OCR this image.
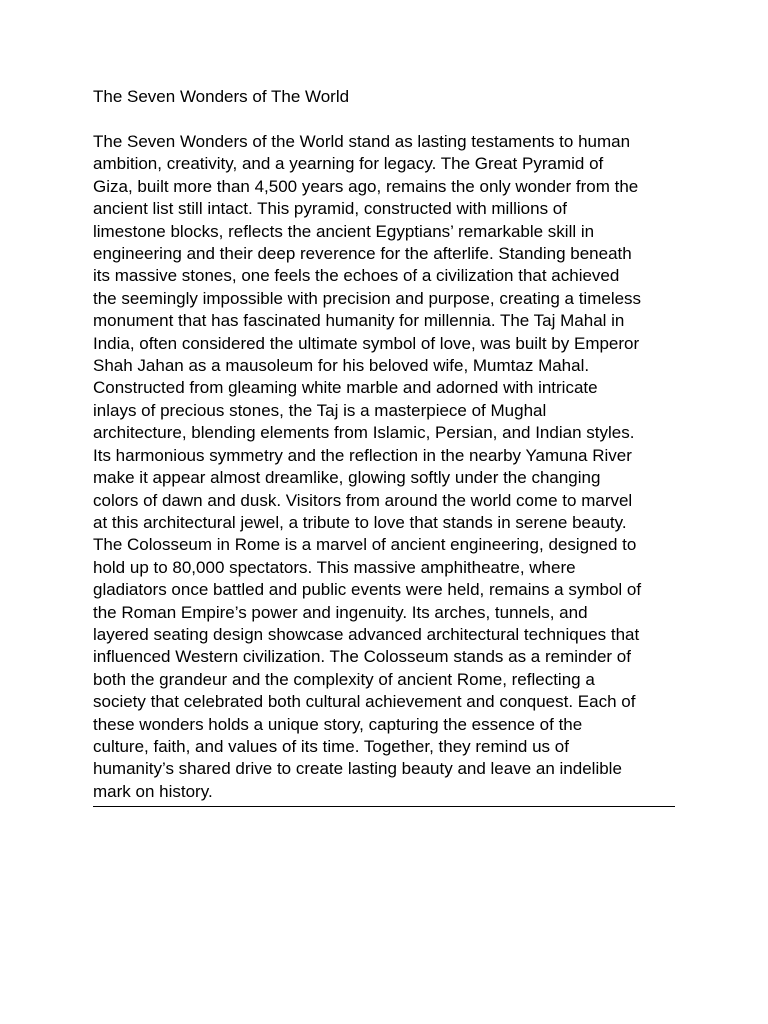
The Seven Wonders of The World
The Seven Wonders of the World stand as lasting testaments to human
ambition, creativity, and a yearning for legacy. The Great Pyramid of
Giza, built more than 4,500 years ago, remains the only wonder from the
ancient list still intact. This pyramid, constructed with millions of
limestone blocks, reflects the ancient Egyptians’ remarkable skill in
engineering and their deep reverence for the afterlife. Standing beneath
its massive stones, one feels the echoes of a civilization that achieved
the seemingly impossible with precision and purpose, creating a timeless
monument that has fascinated humanity for millennia. The Taj Mahal in
India, often considered the ultimate symbol of love, was built by Emperor
Shah Jahan as a mausoleum for his beloved wife, Mumtaz Mahal.
Constructed from gleaming white marble and adorned with intricate
inlays of precious stones, the Taj is a masterpiece of Mughal
architecture, blending elements from Islamic, Persian, and Indian styles.
Its harmonious symmetry and the reflection in the nearby Yamuna River
make it appear almost dreamlike, glowing softly under the changing
colors of dawn and dusk. Visitors from around the world come to marvel
at this architectural jewel, a tribute to love that stands in serene beauty.
The Colosseum in Rome is a marvel of ancient engineering, designed to
hold up to 80,000 spectators. This massive amphitheatre, where
gladiators once battled and public events were held, remains a symbol of
the Roman Empire’s power and ingenuity. Its arches, tunnels, and
layered seating design showcase advanced architectural techniques that
influenced Western civilization. The Colosseum stands as a reminder of
both the grandeur and the complexity of ancient Rome, reflecting a
society that celebrated both cultural achievement and conquest. Each of
these wonders holds a unique story, capturing the essence of the
culture, faith, and values of its time. Together, they remind us of
humanity’s shared drive to create lasting beauty and leave an indelible
mark on history.
